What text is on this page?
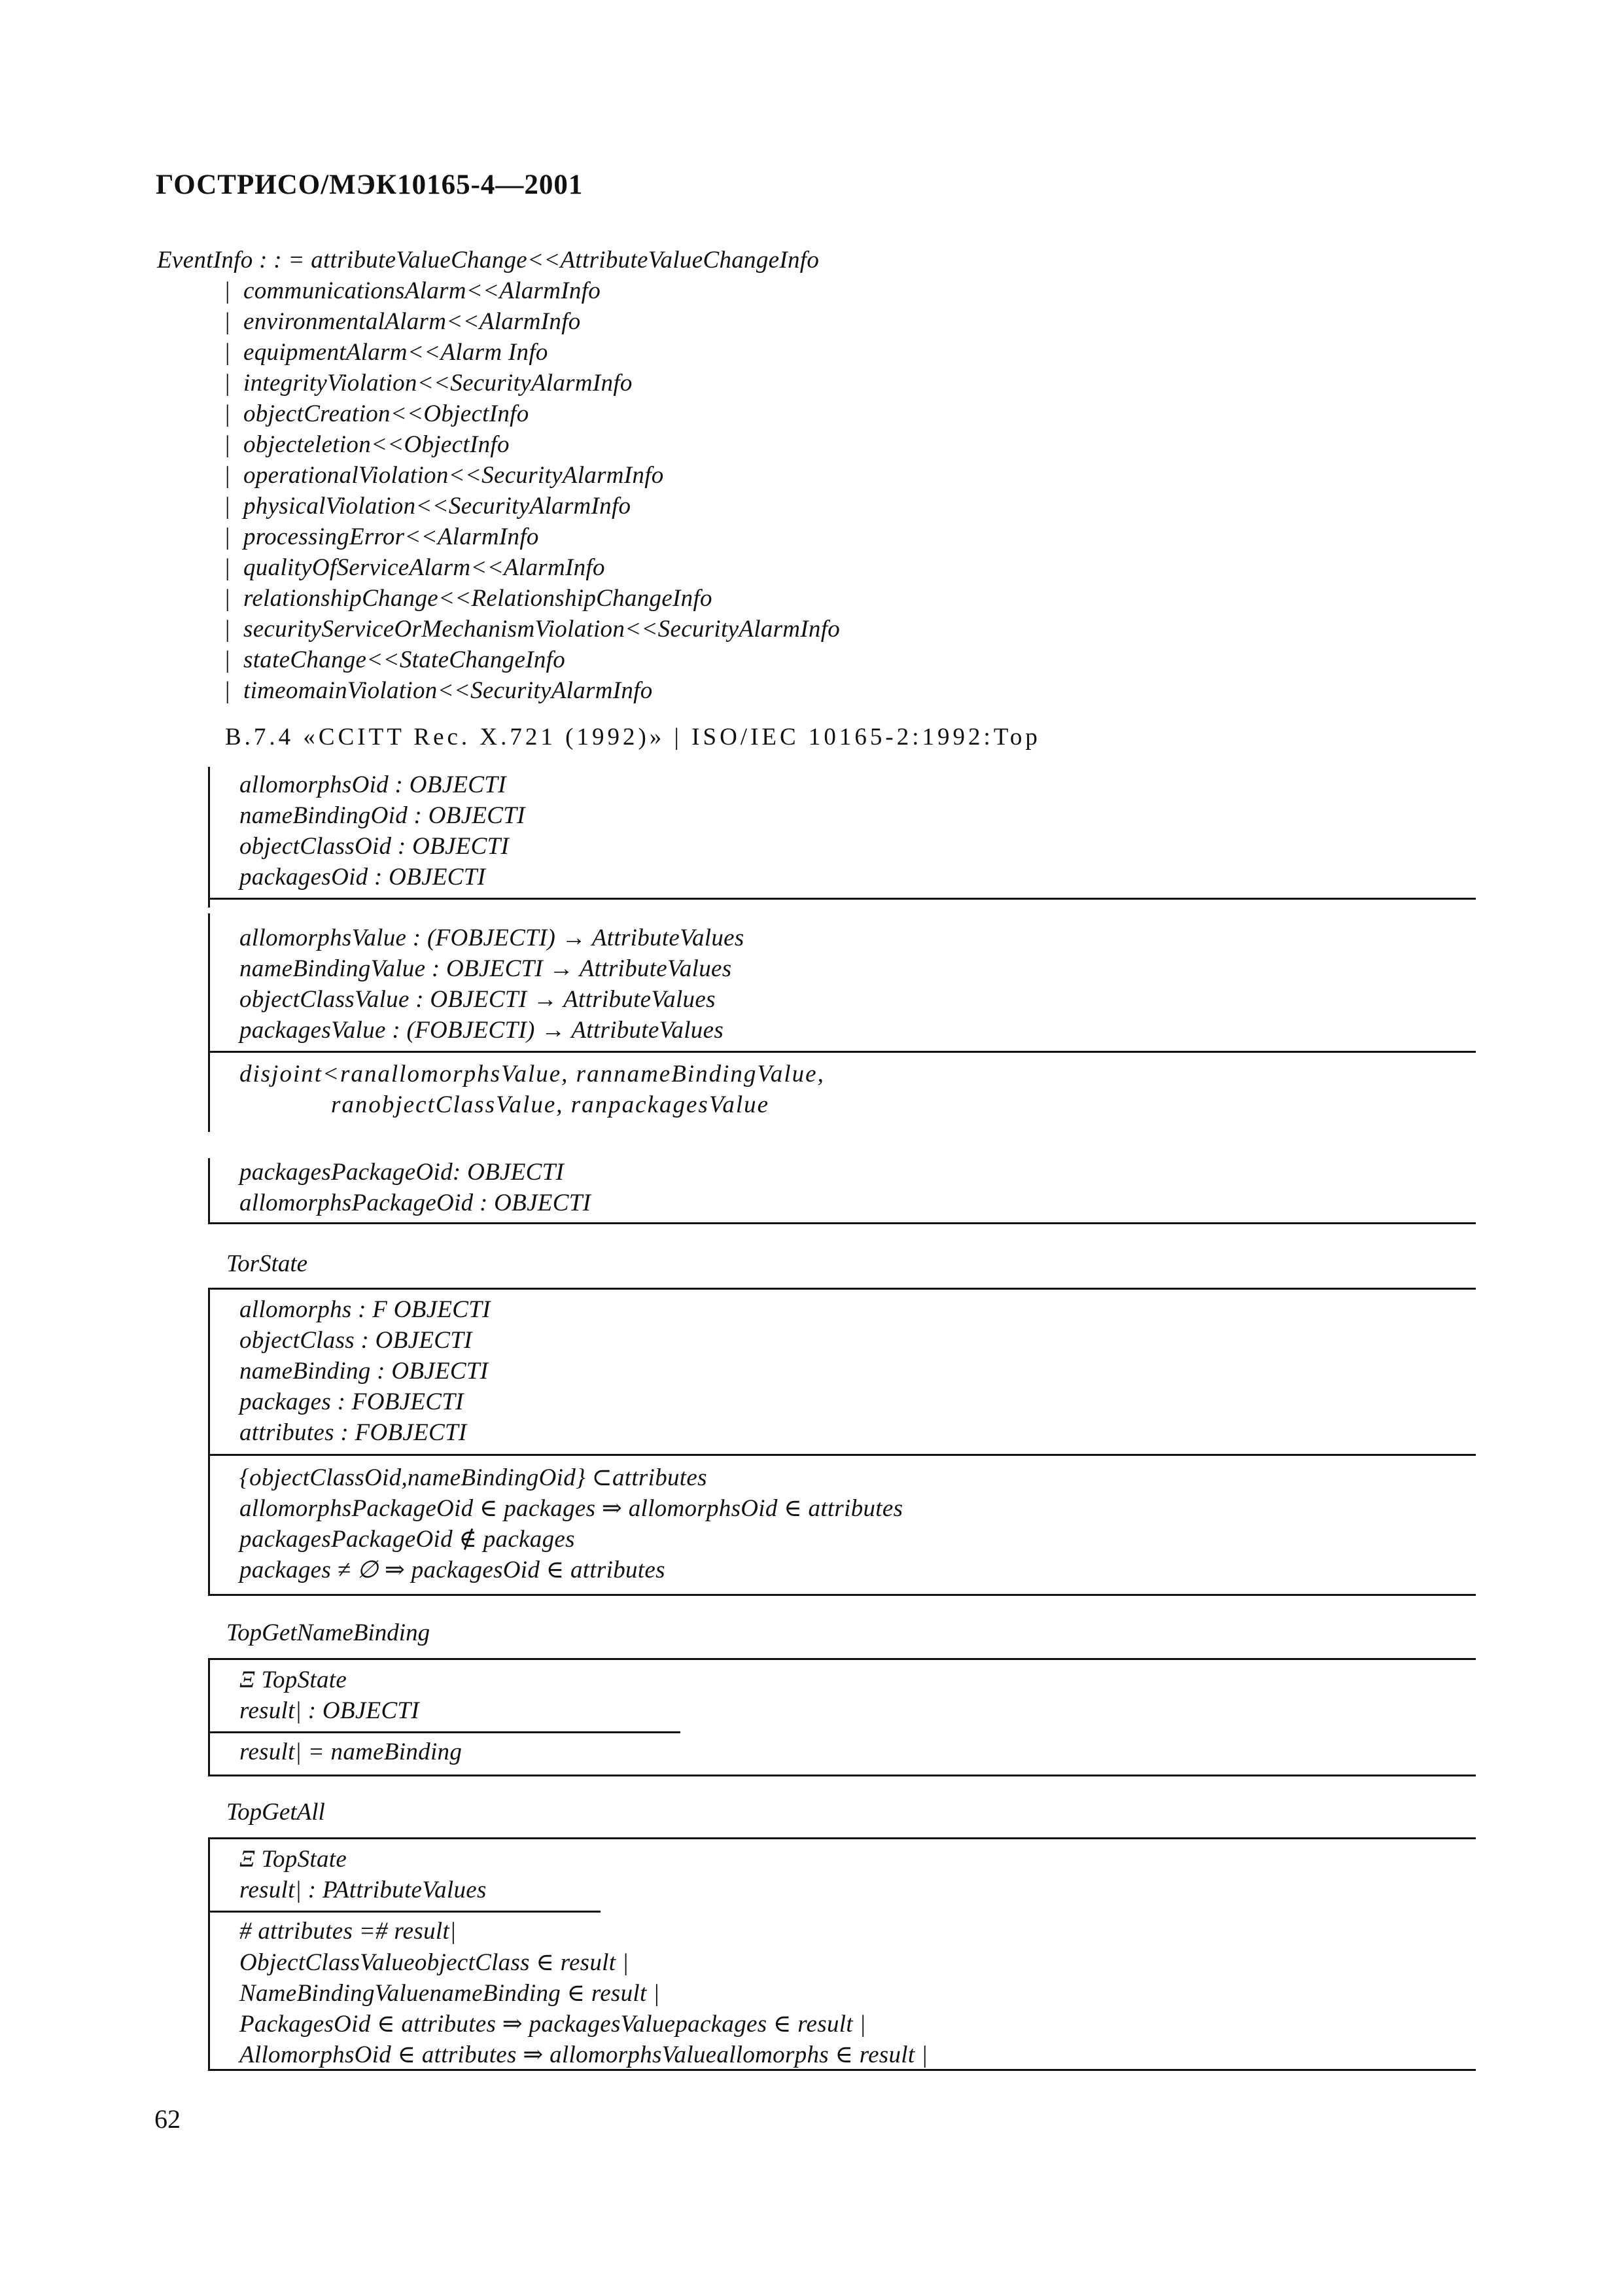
ГОСТРИСО/МЭК10165-4—2001
EventInfo : : = attributeValueChange<<AttributeValueChangeInfo
| communicationsAlarm<<AlarmInfo
| environmentalAlarm<<AlarmInfo
| equipmentAlarm<<Alarm Info
| integrityViolation<<SecurityAlarmInfo
| objectCreation<<ObjectInfo
| objecteletion<<ObjectInfo
| operationalViolation<<SecurityAlarmInfo
| physicalViolation<<SecurityAlarmInfo
| processingError<<AlarmInfo
| qualityOfServiceAlarm<<AlarmInfo
| relationshipChange<<RelationshipChangeInfo
| securityServiceOrMechanismViolation<<SecurityAlarmInfo
| stateChange<<StateChangeInfo
| timeomainViolation<<SecurityAlarmInfo
B.7.4 «CCITT Rec. X.721 (1992)» | ISO/IEC 10165-2:1992:Top
allomorphsOid : OBJECTI
nameBindingOid : OBJECTI
objectClassOid : OBJECTI
packagesOid : OBJECTI
allomorphsValue : (FOBJECTI) → AttributeValues
nameBindingValue : OBJECTI → AttributeValues
objectClassValue : OBJECTI → AttributeValues
packagesValue : (FOBJECTI) → AttributeValues
disjoint<ranallomorphsValue, rannameBindingValue,
ranobjectClassValue, ranpackagesValue
packagesPackageOid: OBJECTI
allomorphsPackageOid : OBJECTI
TorState
allomorphs : F OBJECTI
objectClass : OBJECTI
nameBinding : OBJECTI
packages : FOBJECTI
attributes : FOBJECTI
{objectClassOid,nameBindingOid} ⊂attributes
allomorphsPackageOid ∈ packages ⇒ allomorphsOid ∈ attributes
packagesPackageOid ∉ packages
packages ≠ ∅ ⇒ packagesOid ∈ attributes
TopGetNameBinding
Ξ TopState
result| : OBJECTI
result| = nameBinding
TopGetAll
Ξ TopState
result| : PAttributeValues
# attributes =# result|
ObjectClassValueobjectClass ∈ result |
NameBindingValuenameBinding ∈ result |
PackagesOid ∈ attributes ⇒ packagesValuepackages ∈ result |
AllomorphsOid ∈ attributes ⇒ allomorphsValueallomorphs ∈ result |
62
